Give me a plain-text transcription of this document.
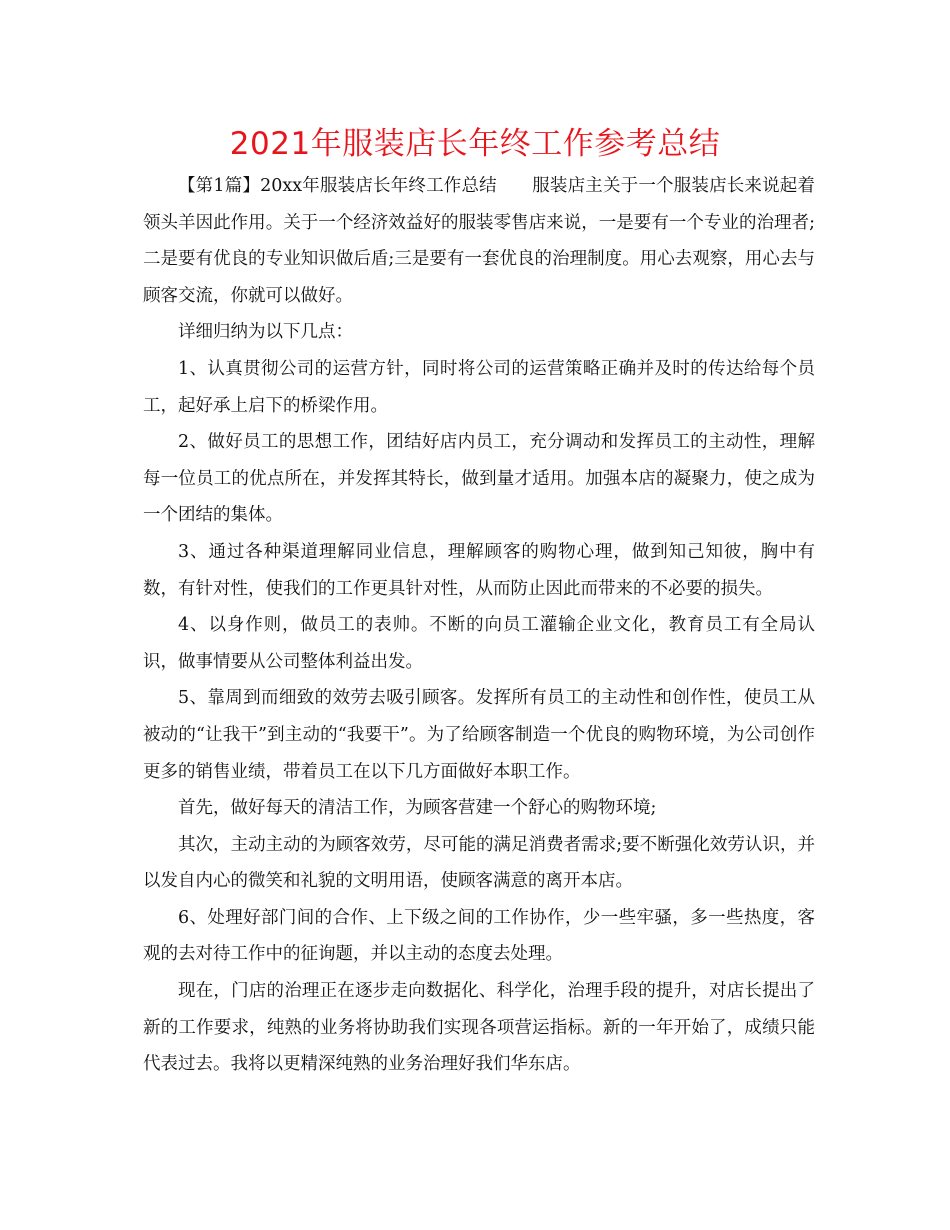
2021年服装店长年终工作参考总结

【第1篇】20xx年服装店长年终工作总结　　服装店主关于一个服装店长来说起着领头羊因此作用。关于一个经济效益好的服装零售店来说，一是要有一个专业的治理者;二是要有优良的专业知识做后盾;三是要有一套优良的治理制度。用心去观察，用心去与顾客交流，你就可以做好。

详细归纳为以下几点：

1、认真贯彻公司的运营方针，同时将公司的运营策略正确并及时的传达给每个员工，起好承上启下的桥梁作用。

2、做好员工的思想工作，团结好店内员工，充分调动和发挥员工的主动性，理解每一位员工的优点所在，并发挥其特长，做到量才适用。加强本店的凝聚力，使之成为一个团结的集体。

3、通过各种渠道理解同业信息，理解顾客的购物心理，做到知己知彼，胸中有数，有针对性，使我们的工作更具针对性，从而防止因此而带来的不必要的损失。

4、以身作则，做员工的表帅。不断的向员工灌输企业文化，教育员工有全局认识，做事情要从公司整体利益出发。

5、靠周到而细致的效劳去吸引顾客。发挥所有员工的主动性和创作性，使员工从被动的“让我干”到主动的“我要干”。为了给顾客制造一个优良的购物环境，为公司创作更多的销售业绩，带着员工在以下几方面做好本职工作。

首先，做好每天的清洁工作，为顾客营建一个舒心的购物环境;

其次，主动主动的为顾客效劳，尽可能的满足消费者需求;要不断强化效劳认识，并以发自内心的微笑和礼貌的文明用语，使顾客满意的离开本店。

6、处理好部门间的合作、上下级之间的工作协作，少一些牢骚，多一些热度，客观的去对待工作中的征询题，并以主动的态度去处理。

现在，门店的治理正在逐步走向数据化、科学化，治理手段的提升，对店长提出了新的工作要求，纯熟的业务将协助我们实现各项营运指标。新的一年开始了，成绩只能代表过去。我将以更精深纯熟的业务治理好我们华东店。
